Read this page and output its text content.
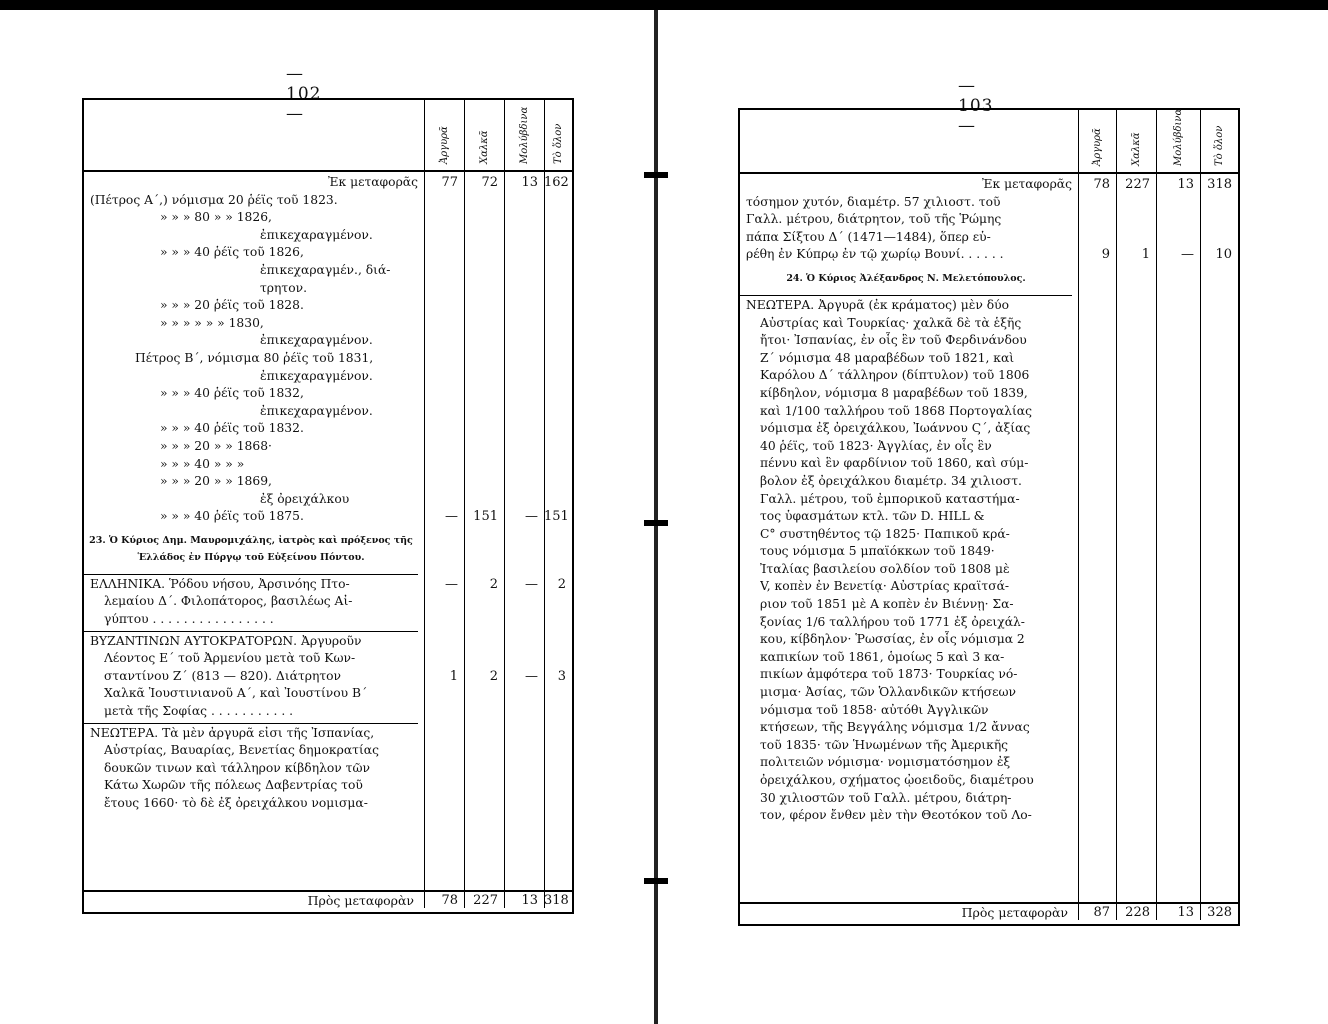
— 102 —
Ἀργυρᾶ	Χαλκᾶ	Μολύβδινα Τὸ ὅλον
Ἐκ μεταφορᾶς	77	72	13 162
(Πέτρος Α΄,) νόμισμα 20 ῥέϊς τοῦ 1823.
» » » 80 » » 1826,
ἐπικεχαραγμένον.
» » » 40 ῥέϊς τοῦ 1826,
ἐπικεχαραγμέν., διά-
τρητον.
» » » 20 ῥέϊς τοῦ 1828.
» » » » » » 1830,
ἐπικεχαραγμένον.
Πέτρος Β΄, νόμισμα 80 ῥέϊς τοῦ 1831,
ἐπικεχαραγμένον.
» » » 40 ῥέϊς τοῦ 1832,
ἐπικεχαραγμένον.
» » » 40 ῥέϊς τοῦ 1832.
» » » 20 » » 1868·
» » » 40 » » »
» » » 20 » » 1869,
ἐξ ὀρειχάλκου
» » » 40 ῥέϊς τοῦ 1875.	—	151	— 151
23. Ὁ Κύριος Δημ. Μαυρομιχάλης, ἰατρὸς καὶ πρόξενος τῆς Ἑλλάδος ἐν Πύργῳ τοῦ Εὐξείνου Πόντου.
ΕΛΛΗΝΙΚΑ. Ῥόδου νήσου, Ἀρσινόης Πτο-	—	2	—	2
λεμαίου Δ΄. Φιλοπάτορος, βασιλέως Αἰ-
γύπτου . . . . . . . . . . . . . . . .
ΒΥΖΑΝΤΙΝΩΝ ΑΥΤΟΚΡΑΤΟΡΩΝ. Ἀργυροῦν
Λέοντος Ε΄ τοῦ Ἀρμενίου μετὰ τοῦ Κων-
σταντίνου Ζ΄ (813 — 820). Διάτρητον	1	2	—	3
Χαλκᾶ Ἰουστινιανοῦ Α΄, καὶ Ἰουστίνου Β΄
μετὰ τῆς Σοφίας . . . . . . . . . . .
ΝΕΩΤΕΡΑ. Τὰ μὲν ἀργυρᾶ εἰσι τῆς Ἰσπανίας,
Αὐστρίας, Βαυαρίας, Βενετίας δημοκρατίας
δουκῶν τινων καὶ τάλληρον κίβδηλον τῶν
Κάτω Χωρῶν τῆς πόλεως Δαβεντρίας τοῦ
ἔτους 1660· τὸ δὲ ἐξ ὀρειχάλκου νομισμα-
Πρὸς μεταφορὰν	78	227	13 318
— 103 —
Ἀργυρᾶ	Χαλκᾶ	Μολύβδινα	Τὸ ὅλον
Ἐκ μεταφορᾶς	78	227	13	318
τόσημον χυτόν, διαμέτρ. 57 χιλιοστ. τοῦ
Γαλλ. μέτρου, διάτρητον, τοῦ τῆς Ῥώμης
πάπα Σίξτου Δ΄ (1471—1484), ὅπερ εὑ-
ρέθη ἐν Κύπρῳ ἐν τῷ χωρίῳ Βουνί. . . . . .	9	1	—	10
24. Ὁ Κύριος Ἀλέξανδρος Ν. Μελετόπουλος.
ΝΕΩΤΕΡΑ. Ἀργυρᾶ (ἐκ κράματος) μὲν δύο
Αὐστρίας καὶ Τουρκίας· χαλκᾶ δὲ τὰ ἑξῆς
ἤτοι· Ἰσπανίας, ἐν οἷς ἓν τοῦ Φερδινάνδου
Ζ΄ νόμισμα 48 μαραβέδων τοῦ 1821, καὶ
Καρόλου Δ΄ τάλληρον (δίπτυλον) τοῦ 1806
κίβδηλον, νόμισμα 8 μαραβέδων τοῦ 1839,
καὶ 1/100 ταλλήρου τοῦ 1868 Πορτογαλίας
νόμισμα ἐξ ὀρειχάλκου, Ἰωάννου Ϛ΄, ἀξίας
40 ῥέϊς, τοῦ 1823· Ἀγγλίας, ἐν οἷς ἓν
πέννυ καὶ ἓν φαρδίνιον τοῦ 1860, καὶ σύμ-
βολον ἐξ ὀρειχάλκου διαμέτρ. 34 χιλιοστ.
Γαλλ. μέτρου, τοῦ ἐμπορικοῦ καταστήμα-
τος ὑφασμάτων κτλ. τῶν D. HILL &
C° συστηθέντος τῷ 1825· Παπικοῦ κρά-
τους νόμισμα 5 μπαϊόκκων τοῦ 1849·
Ἰταλίας βασιλείου σολδίον τοῦ 1808 μὲ
V, κοπὲν ἐν Βενετίᾳ· Αὐστρίας κραϊτσά-
ριον τοῦ 1851 μὲ Α κοπὲν ἐν Βιέννῃ· Σα-
ξονίας 1/6 ταλλήρου τοῦ 1771 ἐξ ὀρειχάλ-
κου, κίβδηλον· Ῥωσσίας, ἐν οἷς νόμισμα 2
καπικίων τοῦ 1861, ὁμοίως 5 καὶ 3 κα-
πικίων ἀμφότερα τοῦ 1873· Τουρκίας νό-
μισμα· Ἀσίας, τῶν Ὁλλανδικῶν κτήσεων
νόμισμα τοῦ 1858· αὐτόθι Ἀγγλικῶν
κτήσεων, τῆς Βεγγάλης νόμισμα 1/2 ἄννας
τοῦ 1835· τῶν Ἡνωμένων τῆς Ἀμερικῆς
πολιτειῶν νόμισμα· νομισματόσημον ἐξ
ὀρειχάλκου, σχήματος ᾠοειδοῦς, διαμέτρου
30 χιλιοστῶν τοῦ Γαλλ. μέτρου, διάτρη-
τον, φέρον ἔνθεν μὲν τὴν Θεοτόκον τοῦ Λο-
Πρὸς μεταφορὰν	87	228	13	328
